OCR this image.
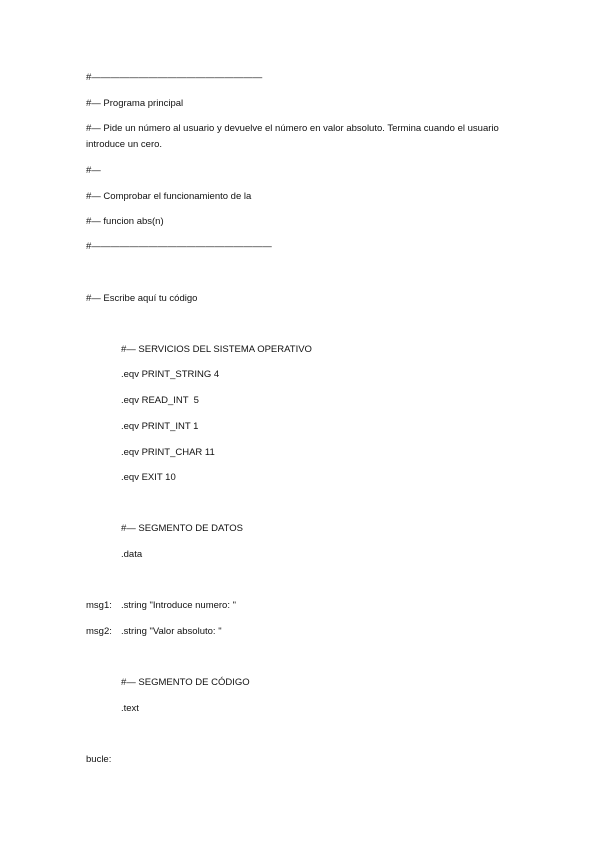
#——————————————————
#— Programa principal
#— Pide un número al usuario y devuelve el número en valor absoluto. Termina cuando el usuario introduce un cero.
#—
#— Comprobar el funcionamiento de la
#— funcion abs(n)
#———————————————————
#— Escribe aquí tu código
#— SERVICIOS DEL SISTEMA OPERATIVO
.eqv PRINT_STRING 4
.eqv READ_INT  5
.eqv PRINT_INT 1
.eqv PRINT_CHAR 11
.eqv EXIT 10
#— SEGMENTO DE DATOS
.data
msg1: .string "Introduce numero: "
msg2: .string "Valor absoluto: "
#— SEGMENTO DE CÓDIGO
.text
bucle:
